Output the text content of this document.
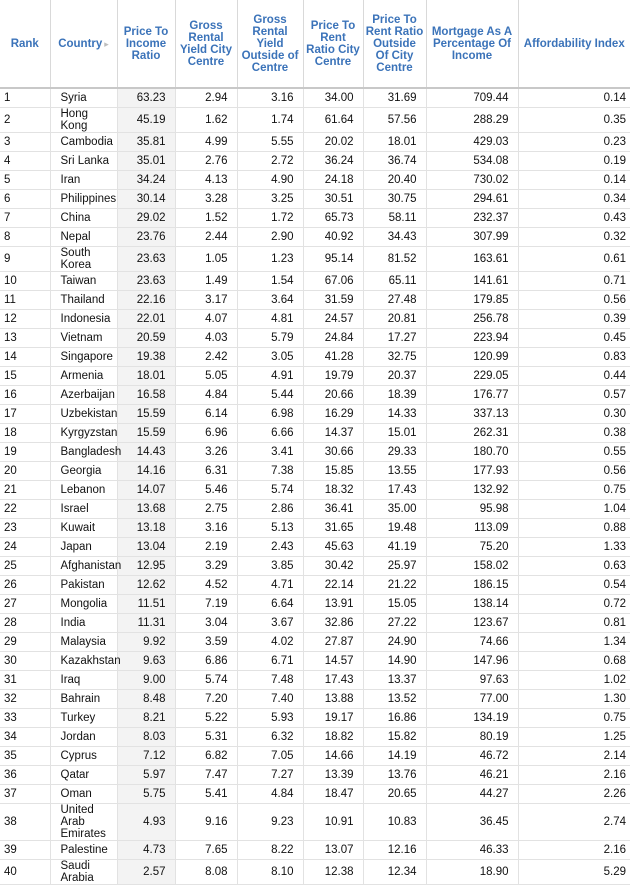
Rank	Country ▸	Price To Income Ratio	Gross Rental Yield City Centre	Gross Rental Yield Outside of Centre	Price To Rent Ratio City Centre	Price To Rent Ratio Outside Of City Centre	Mortgage As A Percentage Of Income	Affordability Index
1	Syria	63.23	2.94	3.16	34.00	31.69	709.44	0.14
2	Hong Kong	45.19	1.62	1.74	61.64	57.56	288.29	0.35
3	Cambodia	35.81	4.99	5.55	20.02	18.01	429.03	0.23
4	Sri Lanka	35.01	2.76	2.72	36.24	36.74	534.08	0.19
5	Iran	34.24	4.13	4.90	24.18	20.40	730.02	0.14
6	Philippines	30.14	3.28	3.25	30.51	30.75	294.61	0.34
7	China	29.02	1.52	1.72	65.73	58.11	232.37	0.43
8	Nepal	23.76	2.44	2.90	40.92	34.43	307.99	0.32
9	South Korea	23.63	1.05	1.23	95.14	81.52	163.61	0.61
10	Taiwan	23.63	1.49	1.54	67.06	65.11	141.61	0.71
11	Thailand	22.16	3.17	3.64	31.59	27.48	179.85	0.56
12	Indonesia	22.01	4.07	4.81	24.57	20.81	256.78	0.39
13	Vietnam	20.59	4.03	5.79	24.84	17.27	223.94	0.45
14	Singapore	19.38	2.42	3.05	41.28	32.75	120.99	0.83
15	Armenia	18.01	5.05	4.91	19.79	20.37	229.05	0.44
16	Azerbaijan	16.58	4.84	5.44	20.66	18.39	176.77	0.57
17	Uzbekistan	15.59	6.14	6.98	16.29	14.33	337.13	0.30
18	Kyrgyzstan	15.59	6.96	6.66	14.37	15.01	262.31	0.38
19	Bangladesh	14.43	3.26	3.41	30.66	29.33	180.70	0.55
20	Georgia	14.16	6.31	7.38	15.85	13.55	177.93	0.56
21	Lebanon	14.07	5.46	5.74	18.32	17.43	132.92	0.75
22	Israel	13.68	2.75	2.86	36.41	35.00	95.98	1.04
23	Kuwait	13.18	3.16	5.13	31.65	19.48	113.09	0.88
24	Japan	13.04	2.19	2.43	45.63	41.19	75.20	1.33
25	Afghanistan	12.95	3.29	3.85	30.42	25.97	158.02	0.63
26	Pakistan	12.62	4.52	4.71	22.14	21.22	186.15	0.54
27	Mongolia	11.51	7.19	6.64	13.91	15.05	138.14	0.72
28	India	11.31	3.04	3.67	32.86	27.22	123.67	0.81
29	Malaysia	9.92	3.59	4.02	27.87	24.90	74.66	1.34
30	Kazakhstan	9.63	6.86	6.71	14.57	14.90	147.96	0.68
31	Iraq	9.00	5.74	7.48	17.43	13.37	97.63	1.02
32	Bahrain	8.48	7.20	7.40	13.88	13.52	77.00	1.30
33	Turkey	8.21	5.22	5.93	19.17	16.86	134.19	0.75
34	Jordan	8.03	5.31	6.32	18.82	15.82	80.19	1.25
35	Cyprus	7.12	6.82	7.05	14.66	14.19	46.72	2.14
36	Qatar	5.97	7.47	7.27	13.39	13.76	46.21	2.16
37	Oman	5.75	5.41	4.84	18.47	20.65	44.27	2.26
38	United Arab Emirates	4.93	9.16	9.23	10.91	10.83	36.45	2.74
39	Palestine	4.73	7.65	8.22	13.07	12.16	46.33	2.16
40	Saudi Arabia	2.57	8.08	8.10	12.38	12.34	18.90	5.29
